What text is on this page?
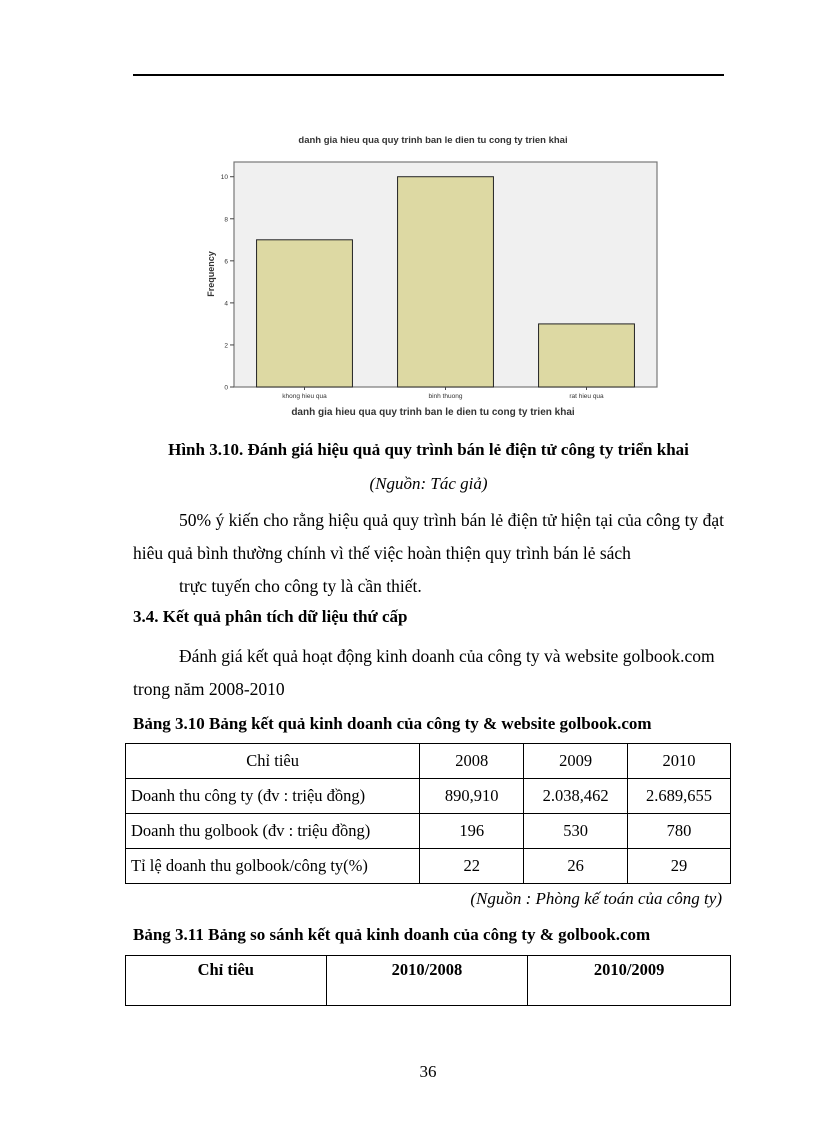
danh gia hieu qua quy trinh ban le dien tu cong ty trien khai
0
2
4
6
8
10
khong hieu qua	binh thuong	rat hieu qua
Frequency
danh gia hieu qua quy trinh ban le dien tu cong ty trien khai
Hình 3.10. Đánh giá hiệu quả quy trình bán lẻ điện tử công ty triển khai
(Nguồn: Tác giả)
50% ý kiến cho rằng hiệu quả quy trình bán lẻ điện tử hiện tại của công ty đạt hiêu quả bình thường chính vì thế việc hoàn thiện quy trình bán lẻ sách
trực tuyến cho công ty là cần thiết.
3.4. Kết quả phân tích dữ liệu thứ cấp
Đánh giá kết quả hoạt động kinh doanh của công ty và website golbook.com trong năm 2008-2010
Bảng 3.10 Bảng kết quả kinh doanh của công ty & website golbook.com
Chỉ tiêu	2008	2009	2010
Doanh thu công ty (đv : triệu đồng)	890,910	2.038,462	2.689,655
Doanh thu golbook (đv : triệu đồng)	196	530	780
Tỉ lệ doanh thu golbook/công ty(%)	22	26	29
(Nguồn : Phòng kế toán của công ty)
Bảng 3.11 Bảng so sánh kết quả kinh doanh của công ty & golbook.com
Chỉ tiêu	2010/2008	2010/2009
36
